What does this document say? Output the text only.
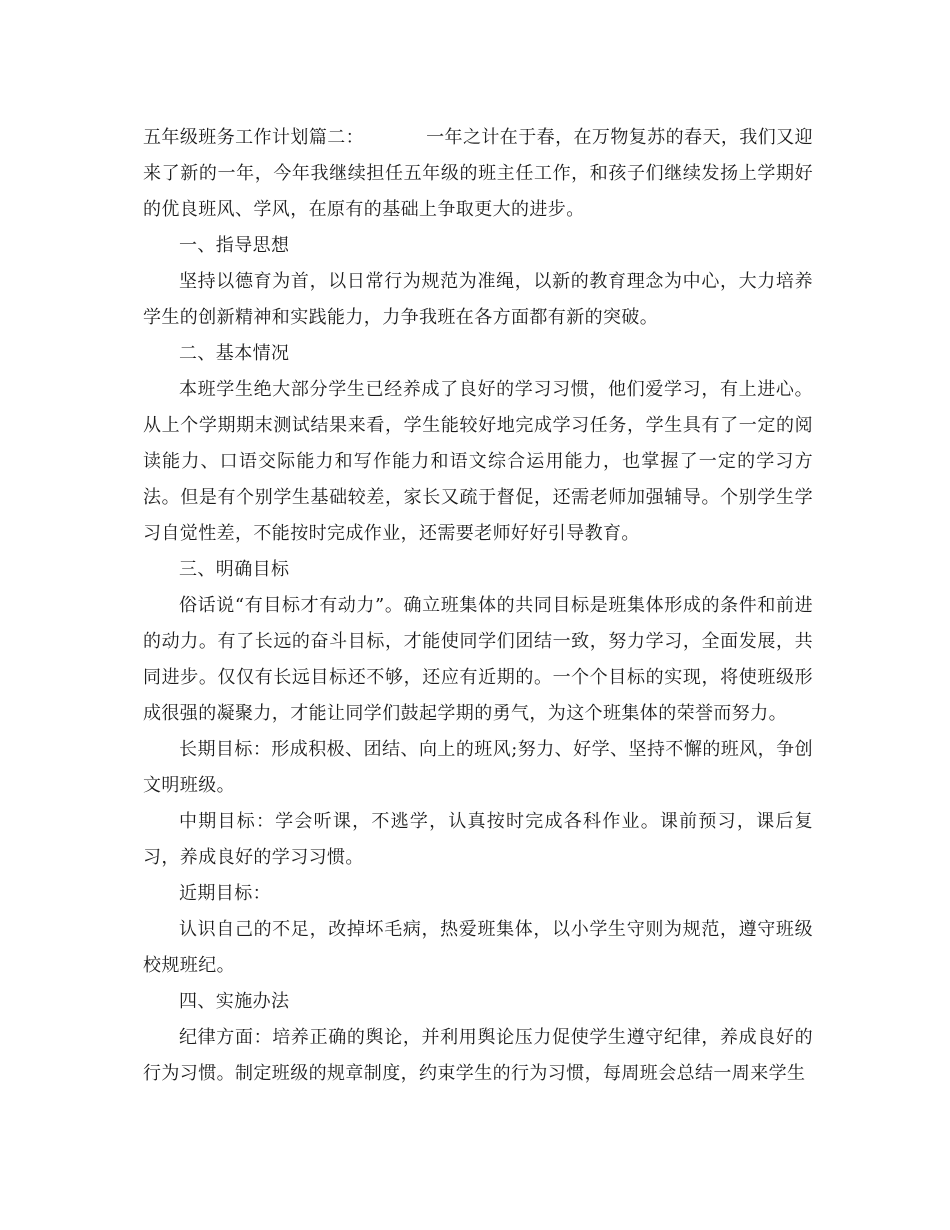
五年级班务工作计划篇二：	一年之计在于春，在万物复苏的春天，我们又迎来了新的一年，今年我继续担任五年级的班主任工作，和孩子们继续发扬上学期好的优良班风、学风，在原有的基础上争取更大的进步。

一、指导思想

坚持以德育为首，以日常行为规范为准绳，以新的教育理念为中心，大力培养学生的创新精神和实践能力，力争我班在各方面都有新的突破。

二、基本情况

本班学生绝大部分学生已经养成了良好的学习习惯，他们爱学习，有上进心。从上个学期期末测试结果来看，学生能较好地完成学习任务，学生具有了一定的阅读能力、口语交际能力和写作能力和语文综合运用能力，也掌握了一定的学习方法。但是有个别学生基础较差，家长又疏于督促，还需老师加强辅导。个别学生学习自觉性差，不能按时完成作业，还需要老师好好引导教育。

三、明确目标

俗话说“有目标才有动力”。确立班集体的共同目标是班集体形成的条件和前进的动力。有了长远的奋斗目标，才能使同学们团结一致，努力学习，全面发展，共同进步。仅仅有长远目标还不够，还应有近期的。一个个目标的实现，将使班级形成很强的凝聚力，才能让同学们鼓起学期的勇气，为这个班集体的荣誉而努力。

长期目标：形成积极、团结、向上的班风;努力、好学、坚持不懈的班风，争创文明班级。

中期目标：学会听课，不逃学，认真按时完成各科作业。课前预习，课后复习，养成良好的学习习惯。

近期目标：

认识自己的不足，改掉坏毛病，热爱班集体，以小学生守则为规范，遵守班级校规班纪。

四、实施办法

纪律方面：培养正确的舆论，并利用舆论压力促使学生遵守纪律，养成良好的行为习惯。制定班级的规章制度，约束学生的行为习惯，每周班会总结一周来学生
